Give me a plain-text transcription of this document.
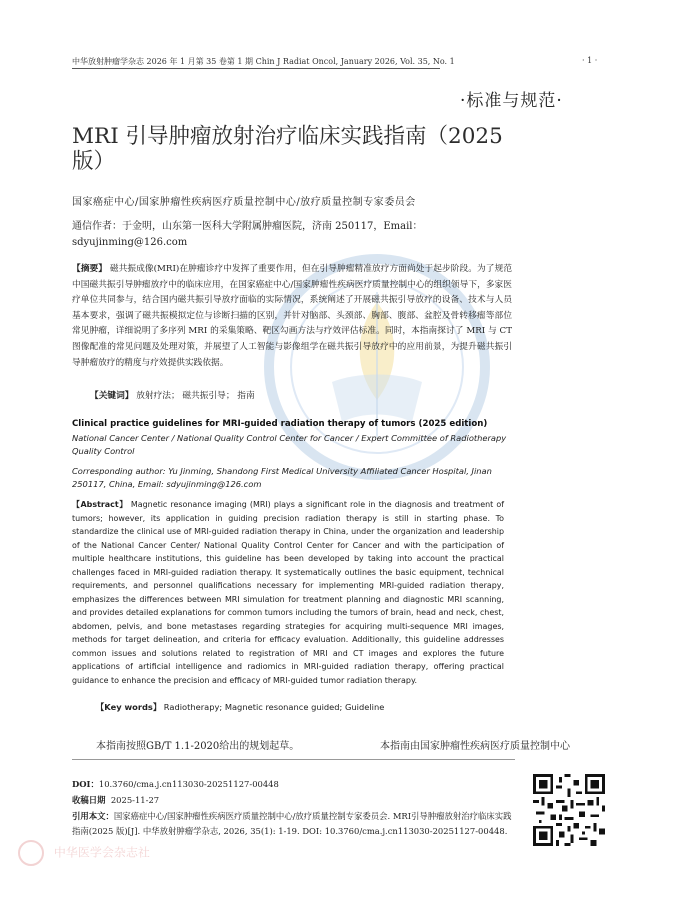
中华放射肿瘤学杂志 2026 年 1 月第 35 卷第 1 期 Chin J Radiat Oncol, January 2026, Vol. 35, No. 1	· 1 ·
·标准与规范·
MRI 引导肿瘤放射治疗临床实践指南（2025 版）
国家癌症中心/国家肿瘤性疾病医疗质量控制中心/放疗质量控制专家委员会
通信作者：于金明，山东第一医科大学附属肿瘤医院，济南 250117，Email：sdyujinming@126.com
【摘要】 磁共振成像(MRI)在肿瘤诊疗中发挥了重要作用，但在引导肿瘤精准放疗方面尚处于起步阶段。为了规范中国磁共振引导肿瘤放疗中的临床应用，在国家癌症中心/国家肿瘤性疾病医疗质量控制中心的组织领导下，多家医疗单位共同参与，结合国内磁共振引导放疗面临的实际情况，系统阐述了开展磁共振引导放疗的设备、技术与人员基本要求，强调了磁共振模拟定位与诊断扫描的区别，并针对脑部、头颈部、胸部、腹部、盆腔及骨转移瘤等部位常见肿瘤，详细说明了多序列 MRI 的采集策略、靶区勾画方法与疗效评估标准。同时，本指南探讨了 MRI 与 CT 图像配准的常见问题及处理对策，并展望了人工智能与影像组学在磁共振引导放疗中的应用前景，为提升磁共振引导肿瘤放疗的精度与疗效提供实践依据。
【关键词】 放射疗法； 磁共振引导； 指南
Clinical practice guidelines for MRI-guided radiation therapy of tumors (2025 edition)
National Cancer Center / National Quality Control Center for Cancer / Expert Committee of Radiotherapy Quality Control
Corresponding author: Yu Jinming, Shandong First Medical University Affiliated Cancer Hospital, Jinan 250117, China, Email: sdyujinming@126.com
【Abstract】 Magnetic resonance imaging (MRI) plays a significant role in the diagnosis and treatment of tumors; however, its application in guiding precision radiation therapy is still in starting phase. To standardize the clinical use of MRI-guided radiation therapy in China, under the organization and leadership of the National Cancer Center/ National Quality Control Center for Cancer and with the participation of multiple healthcare institutions, this guideline has been developed by taking into account the practical challenges faced in MRI-guided radiation therapy. It systematically outlines the basic equipment, technical requirements, and personnel qualifications necessary for implementing MRI-guided radiation therapy, emphasizes the differences between MRI simulation for treatment planning and diagnostic MRI scanning, and provides detailed explanations for common tumors including the tumors of brain, head and neck, chest, abdomen, pelvis, and bone metastases regarding strategies for acquiring multi-sequence MRI images, methods for target delineation, and criteria for efficacy evaluation. Additionally, this guideline addresses common issues and solutions related to registration of MRI and CT images and explores the future applications of artificial intelligence and radiomics in MRI-guided radiation therapy, offering practical guidance to enhance the precision and efficacy of MRI-guided tumor radiation therapy.
【Key words】 Radiotherapy; Magnetic resonance guided; Guideline
本指南按照GB/T 1.1-2020给出的规划起草。	本指南由国家肿瘤性疾病医疗质量控制中心
DOI：10.3760/cma.j.cn113030-20251127-00448
收稿日期 2025-11-27
引用本文：国家癌症中心/国家肿瘤性疾病医疗质量控制中心/放疗质量控制专家委员会. MRI引导肿瘤放射治疗临床实践指南(2025 版)[J]. 中华放射肿瘤学杂志, 2026, 35(1): 1-19. DOI: 10.3760/cma.j.cn113030-20251127-00448.
中华医学会杂志社
